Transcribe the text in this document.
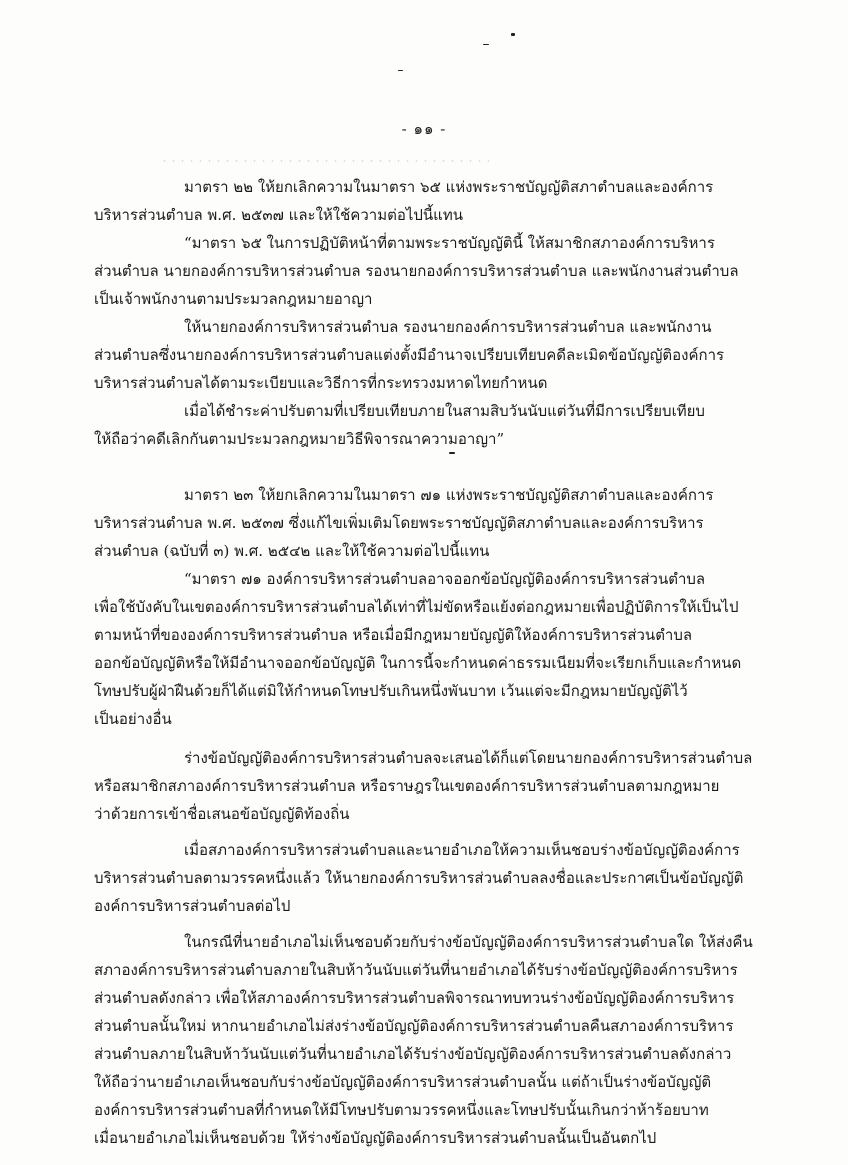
- ๑๑ -
มาตรา ๒๒ ให้ยกเลิกความในมาตรา ๖๕ แห่งพระราชบัญญัติสภาตำบลและองค์การ
บริหารส่วนตำบล พ.ศ. ๒๕๓๗ และให้ใช้ความต่อไปนี้แทน
“มาตรา ๖๕ ในการปฏิบัติหน้าที่ตามพระราชบัญญัตินี้ ให้สมาชิกสภาองค์การบริหาร
ส่วนตำบล นายกองค์การบริหารส่วนตำบล รองนายกองค์การบริหารส่วนตำบล และพนักงานส่วนตำบล
เป็นเจ้าพนักงานตามประมวลกฎหมายอาญา
ให้นายกองค์การบริหารส่วนตำบล รองนายกองค์การบริหารส่วนตำบล และพนักงาน
ส่วนตำบลซึ่งนายกองค์การบริหารส่วนตำบลแต่งตั้งมีอำนาจเปรียบเทียบคดีละเมิดข้อบัญญัติองค์การ
บริหารส่วนตำบลได้ตามระเบียบและวิธีการที่กระทรวงมหาดไทยกำหนด
เมื่อได้ชำระค่าปรับตามที่เปรียบเทียบภายในสามสิบวันนับแต่วันที่มีการเปรียบเทียบ
ให้ถือว่าคดีเลิกกันตามประมวลกฎหมายวิธีพิจารณาความอาญา”
มาตรา ๒๓ ให้ยกเลิกความในมาตรา ๗๑ แห่งพระราชบัญญัติสภาตำบลและองค์การ
บริหารส่วนตำบล พ.ศ. ๒๕๓๗ ซึ่งแก้ไขเพิ่มเติมโดยพระราชบัญญัติสภาตำบลและองค์การบริหาร
ส่วนตำบล (ฉบับที่ ๓) พ.ศ. ๒๕๔๒ และให้ใช้ความต่อไปนี้แทน
“มาตรา ๗๑ องค์การบริหารส่วนตำบลอาจออกข้อบัญญัติองค์การบริหารส่วนตำบล
เพื่อใช้บังคับในเขตองค์การบริหารส่วนตำบลได้เท่าที่ไม่ขัดหรือแย้งต่อกฎหมายเพื่อปฏิบัติการให้เป็นไป
ตามหน้าที่ขององค์การบริหารส่วนตำบล หรือเมื่อมีกฎหมายบัญญัติให้องค์การบริหารส่วนตำบล
ออกข้อบัญญัติหรือให้มีอำนาจออกข้อบัญญัติ ในการนี้จะกำหนดค่าธรรมเนียมที่จะเรียกเก็บและกำหนด
โทษปรับผู้ฝ่าฝืนด้วยก็ได้แต่มิให้กำหนดโทษปรับเกินหนึ่งพันบาท เว้นแต่จะมีกฎหมายบัญญัติไว้
เป็นอย่างอื่น
ร่างข้อบัญญัติองค์การบริหารส่วนตำบลจะเสนอได้ก็แต่โดยนายกองค์การบริหารส่วนตำบล
หรือสมาชิกสภาองค์การบริหารส่วนตำบล หรือราษฎรในเขตองค์การบริหารส่วนตำบลตามกฎหมาย
ว่าด้วยการเข้าชื่อเสนอข้อบัญญัติท้องถิ่น
เมื่อสภาองค์การบริหารส่วนตำบลและนายอำเภอให้ความเห็นชอบร่างข้อบัญญัติองค์การ
บริหารส่วนตำบลตามวรรคหนึ่งแล้ว ให้นายกองค์การบริหารส่วนตำบลลงชื่อและประกาศเป็นข้อบัญญัติ
องค์การบริหารส่วนตำบลต่อไป
ในกรณีที่นายอำเภอไม่เห็นชอบด้วยกับร่างข้อบัญญัติองค์การบริหารส่วนตำบลใด ให้ส่งคืน
สภาองค์การบริหารส่วนตำบลภายในสิบห้าวันนับแต่วันที่นายอำเภอได้รับร่างข้อบัญญัติองค์การบริหาร
ส่วนตำบลดังกล่าว เพื่อให้สภาองค์การบริหารส่วนตำบลพิจารณาทบทวนร่างข้อบัญญัติองค์การบริหาร
ส่วนตำบลนั้นใหม่ หากนายอำเภอไม่ส่งร่างข้อบัญญัติองค์การบริหารส่วนตำบลคืนสภาองค์การบริหาร
ส่วนตำบลภายในสิบห้าวันนับแต่วันที่นายอำเภอได้รับร่างข้อบัญญัติองค์การบริหารส่วนตำบลดังกล่าว
ให้ถือว่านายอำเภอเห็นชอบกับร่างข้อบัญญัติองค์การบริหารส่วนตำบลนั้น แต่ถ้าเป็นร่างข้อบัญญัติ
องค์การบริหารส่วนตำบลที่กำหนดให้มีโทษปรับตามวรรคหนึ่งและโทษปรับนั้นเกินกว่าห้าร้อยบาท
เมื่อนายอำเภอไม่เห็นชอบด้วย ให้ร่างข้อบัญญัติองค์การบริหารส่วนตำบลนั้นเป็นอันตกไป
